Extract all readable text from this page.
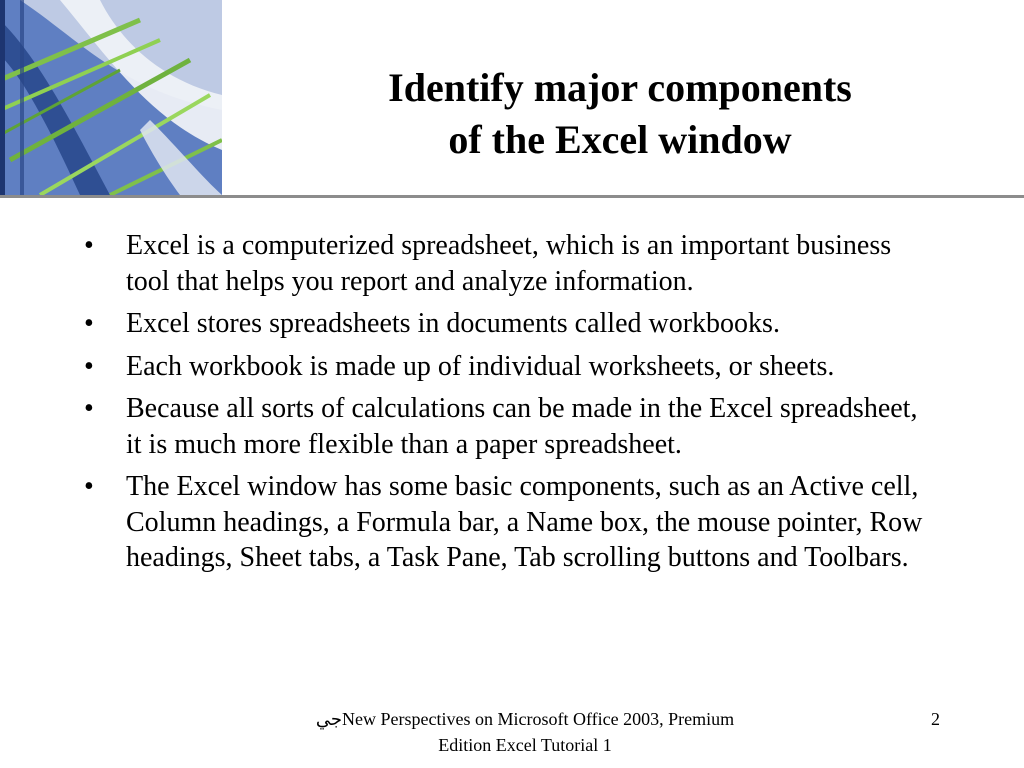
Identify major components
of the Excel window
• Excel is a computerized spreadsheet, which is an important business tool that helps you report and analyze information.
• Excel stores spreadsheets in documents called workbooks.
• Each workbook is made up of individual worksheets, or sheets.
• Because all sorts of calculations can be made in the Excel spreadsheet, it is much more flexible than a paper spreadsheet.
• The Excel window has some basic components, such as an Active cell, Column headings, a Formula bar, a Name box, the mouse pointer, Row headings, Sheet tabs, a Task Pane, Tab scrolling buttons and Toolbars.
جيNew Perspectives on Microsoft Office 2003, Premium
Edition Excel Tutorial 1
2
